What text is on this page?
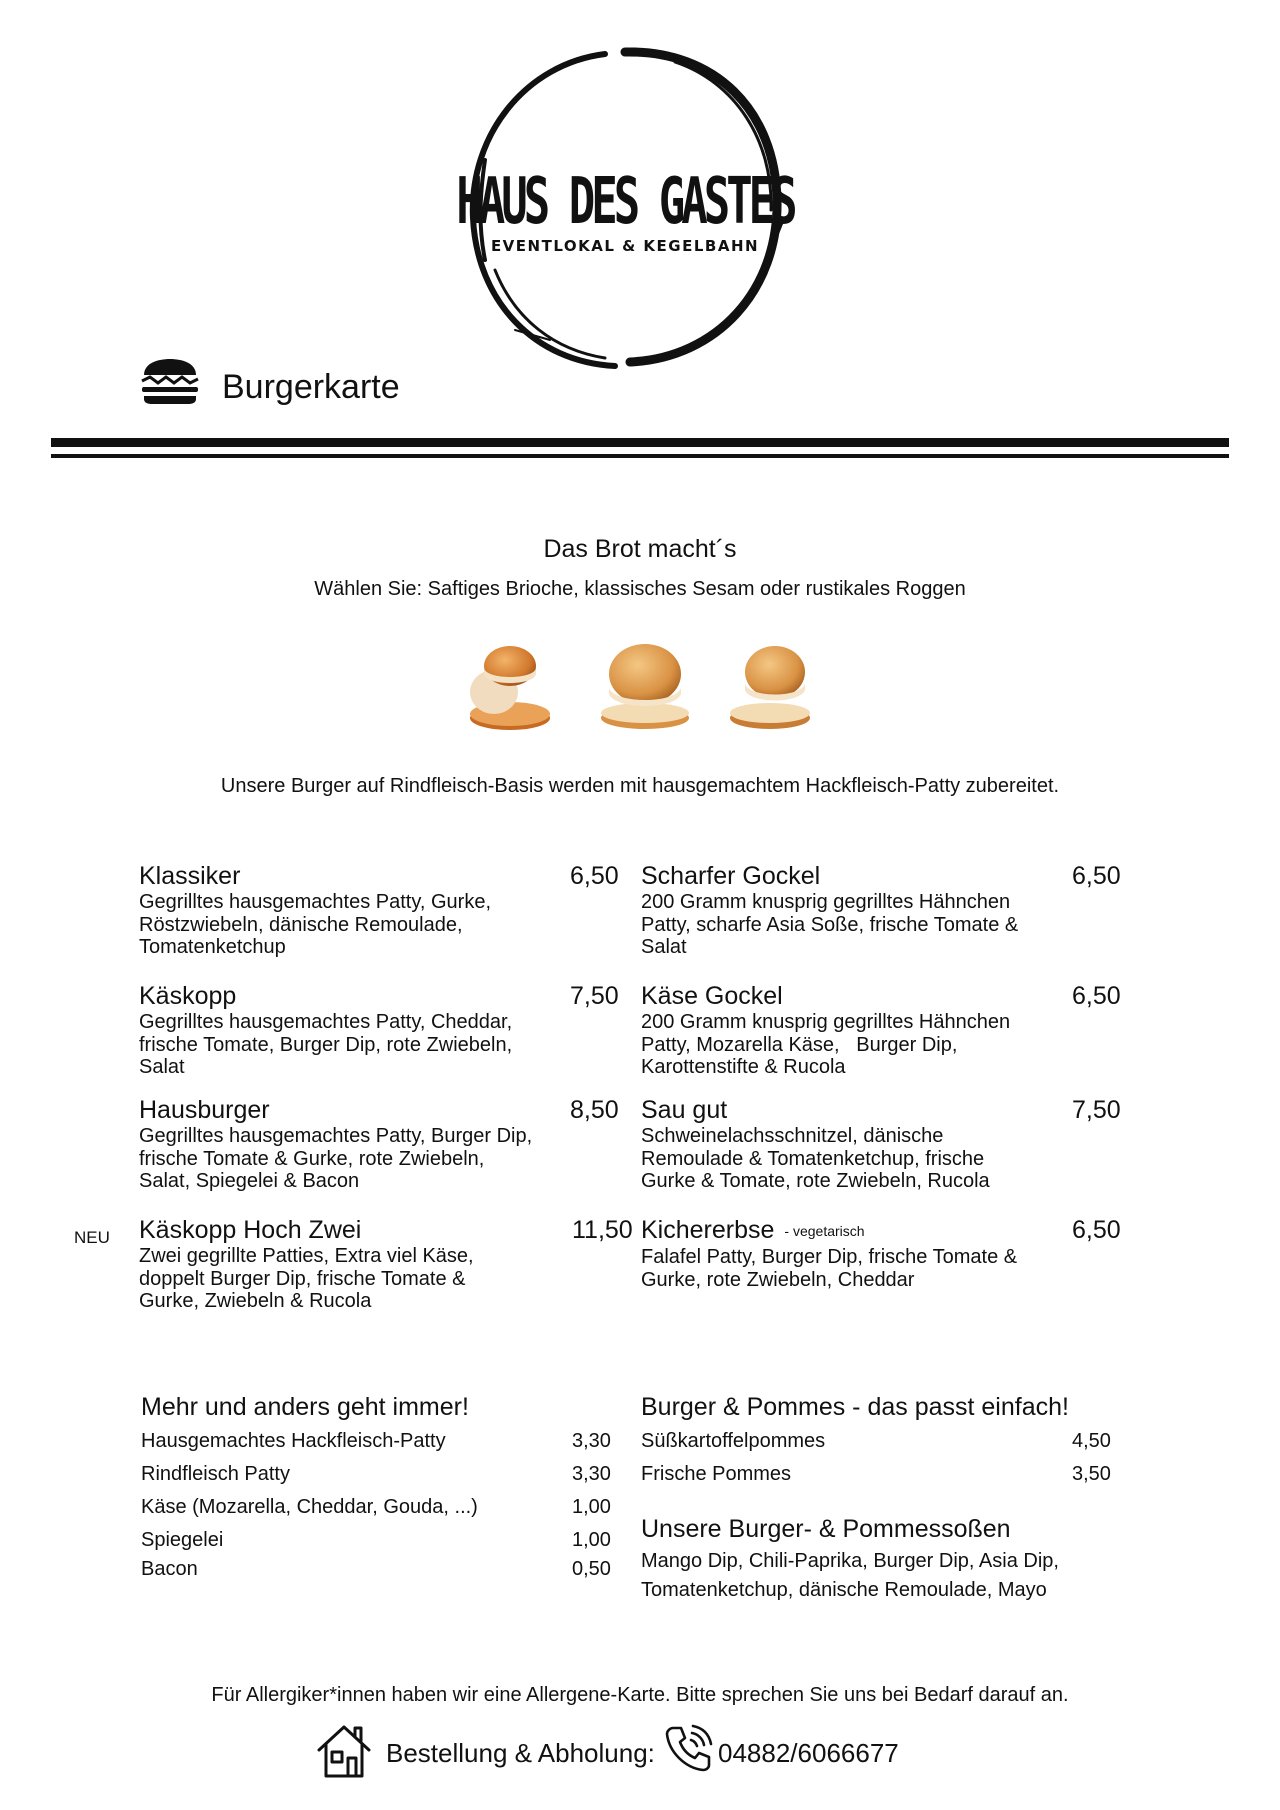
HAUS DES GASTES
EVENTLOKAL & KEGELBAHN
Burgerkarte
Das Brot macht´s
Wählen Sie: Saftiges Brioche, klassisches Sesam oder rustikales Roggen
Unsere Burger auf Rindfleisch-Basis werden mit hausgemachtem Hackfleisch-Patty zubereitet.
NEU
Klassiker
Gegrilltes hausgemachtes Patty, Gurke, Röstzwiebeln, dänische Remoulade, Tomatenketchup
6,50
Käskopp
Gegrilltes hausgemachtes Patty, Cheddar, frische Tomate, Burger Dip, rote Zwiebeln, Salat
7,50
Hausburger
Gegrilltes hausgemachtes Patty, Burger Dip, frische Tomate & Gurke, rote Zwiebeln, Salat, Spiegelei & Bacon
8,50
Käskopp Hoch Zwei
Zwei gegrillte Patties, Extra viel Käse, doppelt Burger Dip, frische Tomate & Gurke, Zwiebeln & Rucola
11,50
Scharfer Gockel
200 Gramm knusprig gegrilltes Hähnchen Patty, scharfe Asia Soße, frische Tomate & Salat
6,50
Käse Gockel
200 Gramm knusprig gegrilltes Hähnchen Patty, Mozarella Käse,   Burger Dip, Karottenstifte & Rucola
6,50
Sau gut
Schweinelachsschnitzel, dänische Remoulade & Tomatenketchup, frische Gurke & Tomate, rote Zwiebeln, Rucola
7,50
Kichererbse - vegetarisch
Falafel Patty, Burger Dip, frische Tomate & Gurke, rote Zwiebeln, Cheddar
6,50
Mehr und anders geht immer!
Hausgemachtes Hackfleisch-Patty	3,30
Rindfleisch Patty	3,30
Käse (Mozarella, Cheddar, Gouda, ...)	1,00
Spiegelei	1,00
Bacon	0,50
Burger & Pommes - das passt einfach!
Süßkartoffelpommes	4,50
Frische Pommes	3,50
Unsere Burger- & Pommessoßen
Mango Dip, Chili-Paprika, Burger Dip, Asia Dip,
Tomatenketchup, dänische Remoulade, Mayo
Für Allergiker*innen haben wir eine Allergene-Karte. Bitte sprechen Sie uns bei Bedarf darauf an.
Bestellung & Abholung: 04882/6066677
